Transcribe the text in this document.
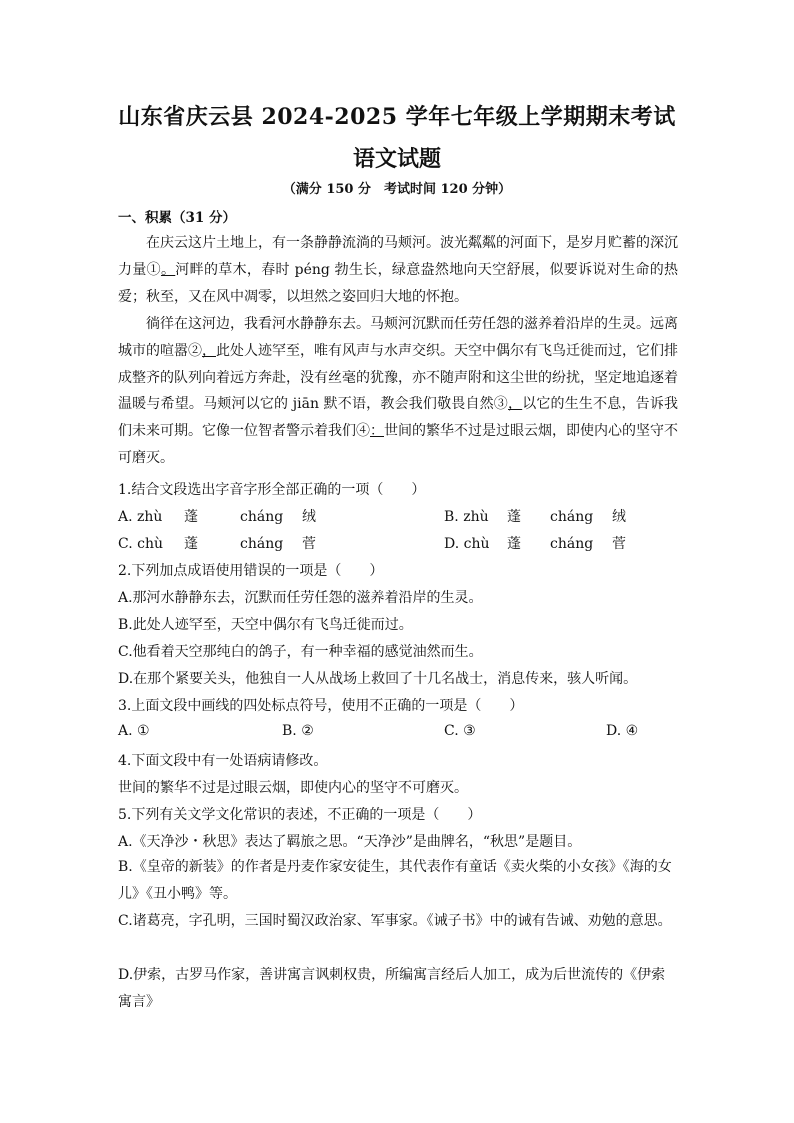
山东省庆云县 2024-2025 学年七年级上学期期末考试
语文试题
（满分 150 分　考试时间 120 分钟）
一、积累（31 分）

在庆云这片土地上，有一条静静流淌的马颊河。波光粼粼的河面下，是岁月贮蓄的深沉力量①。河畔的草木，春时 péng 勃生长，绿意盎然地向天空舒展，似要诉说对生命的热爱；秋至，又在风中凋零，以坦然之姿回归大地的怀抱。

徜徉在这河边，我看河水静静东去。马颊河沉默而任劳任怨的滋养着沿岸的生灵。远离城市的喧嚣②，此处人迹罕至，唯有风声与水声交织。天空中偶尔有飞鸟迁徙而过，它们排成整齐的队列向着远方奔赴，没有丝毫的犹豫，亦不随声附和这尘世的纷扰，坚定地追逐着温暖与希望。马颊河以它的 jiān 默不语，教会我们敬畏自然③，以它的生生不息，告诉我们未来可期。它像一位智者警示着我们④：世间的繁华不过是过眼云烟，即使内心的坚守不可磨灭。

1.结合文段选出字音字形全部正确的一项（　　）
A. zhù 蓬	cháng 绒	B. zhù 蓬 cháng 绒
C. chù 蓬	cháng 菅	D. chù 蓬 cháng 菅
2.下列加点成语使用错误的一项是（　　）
A.那河水静静东去，沉默而任劳任怨的滋养着沿岸的生灵。
B.此处人迹罕至，天空中偶尔有飞鸟迁徙而过。
C.他看着天空那纯白的鸽子，有一种幸福的感觉油然而生。
D.在那个紧要关头，他独自一人从战场上救回了十几名战士，消息传来，骇人听闻。
3.上面文段中画线的四处标点符号，使用不正确的一项是（　　）
A. ①	B. ②	C. ③	D. ④
4.下面文段中有一处语病请修改。
世间的繁华不过是过眼云烟，即使内心的坚守不可磨灭。
5.下列有关文学文化常识的表述，不正确的一项是（　　）
A.《天净沙・秋思》表达了羁旅之思。“天净沙”是曲牌名，“秋思”是题目。
B.《皇帝的新装》的作者是丹麦作家安徒生，其代表作有童话《卖火柴的小女孩》《海的女儿》《丑小鸭》等。
C.诸葛亮，字孔明，三国时蜀汉政治家、军事家。《诫子书》中的诫有告诫、劝勉的意思。
D.伊索，古罗马作家，善讲寓言讽刺权贵，所编寓言经后人加工，成为后世流传的《伊索寓言》
